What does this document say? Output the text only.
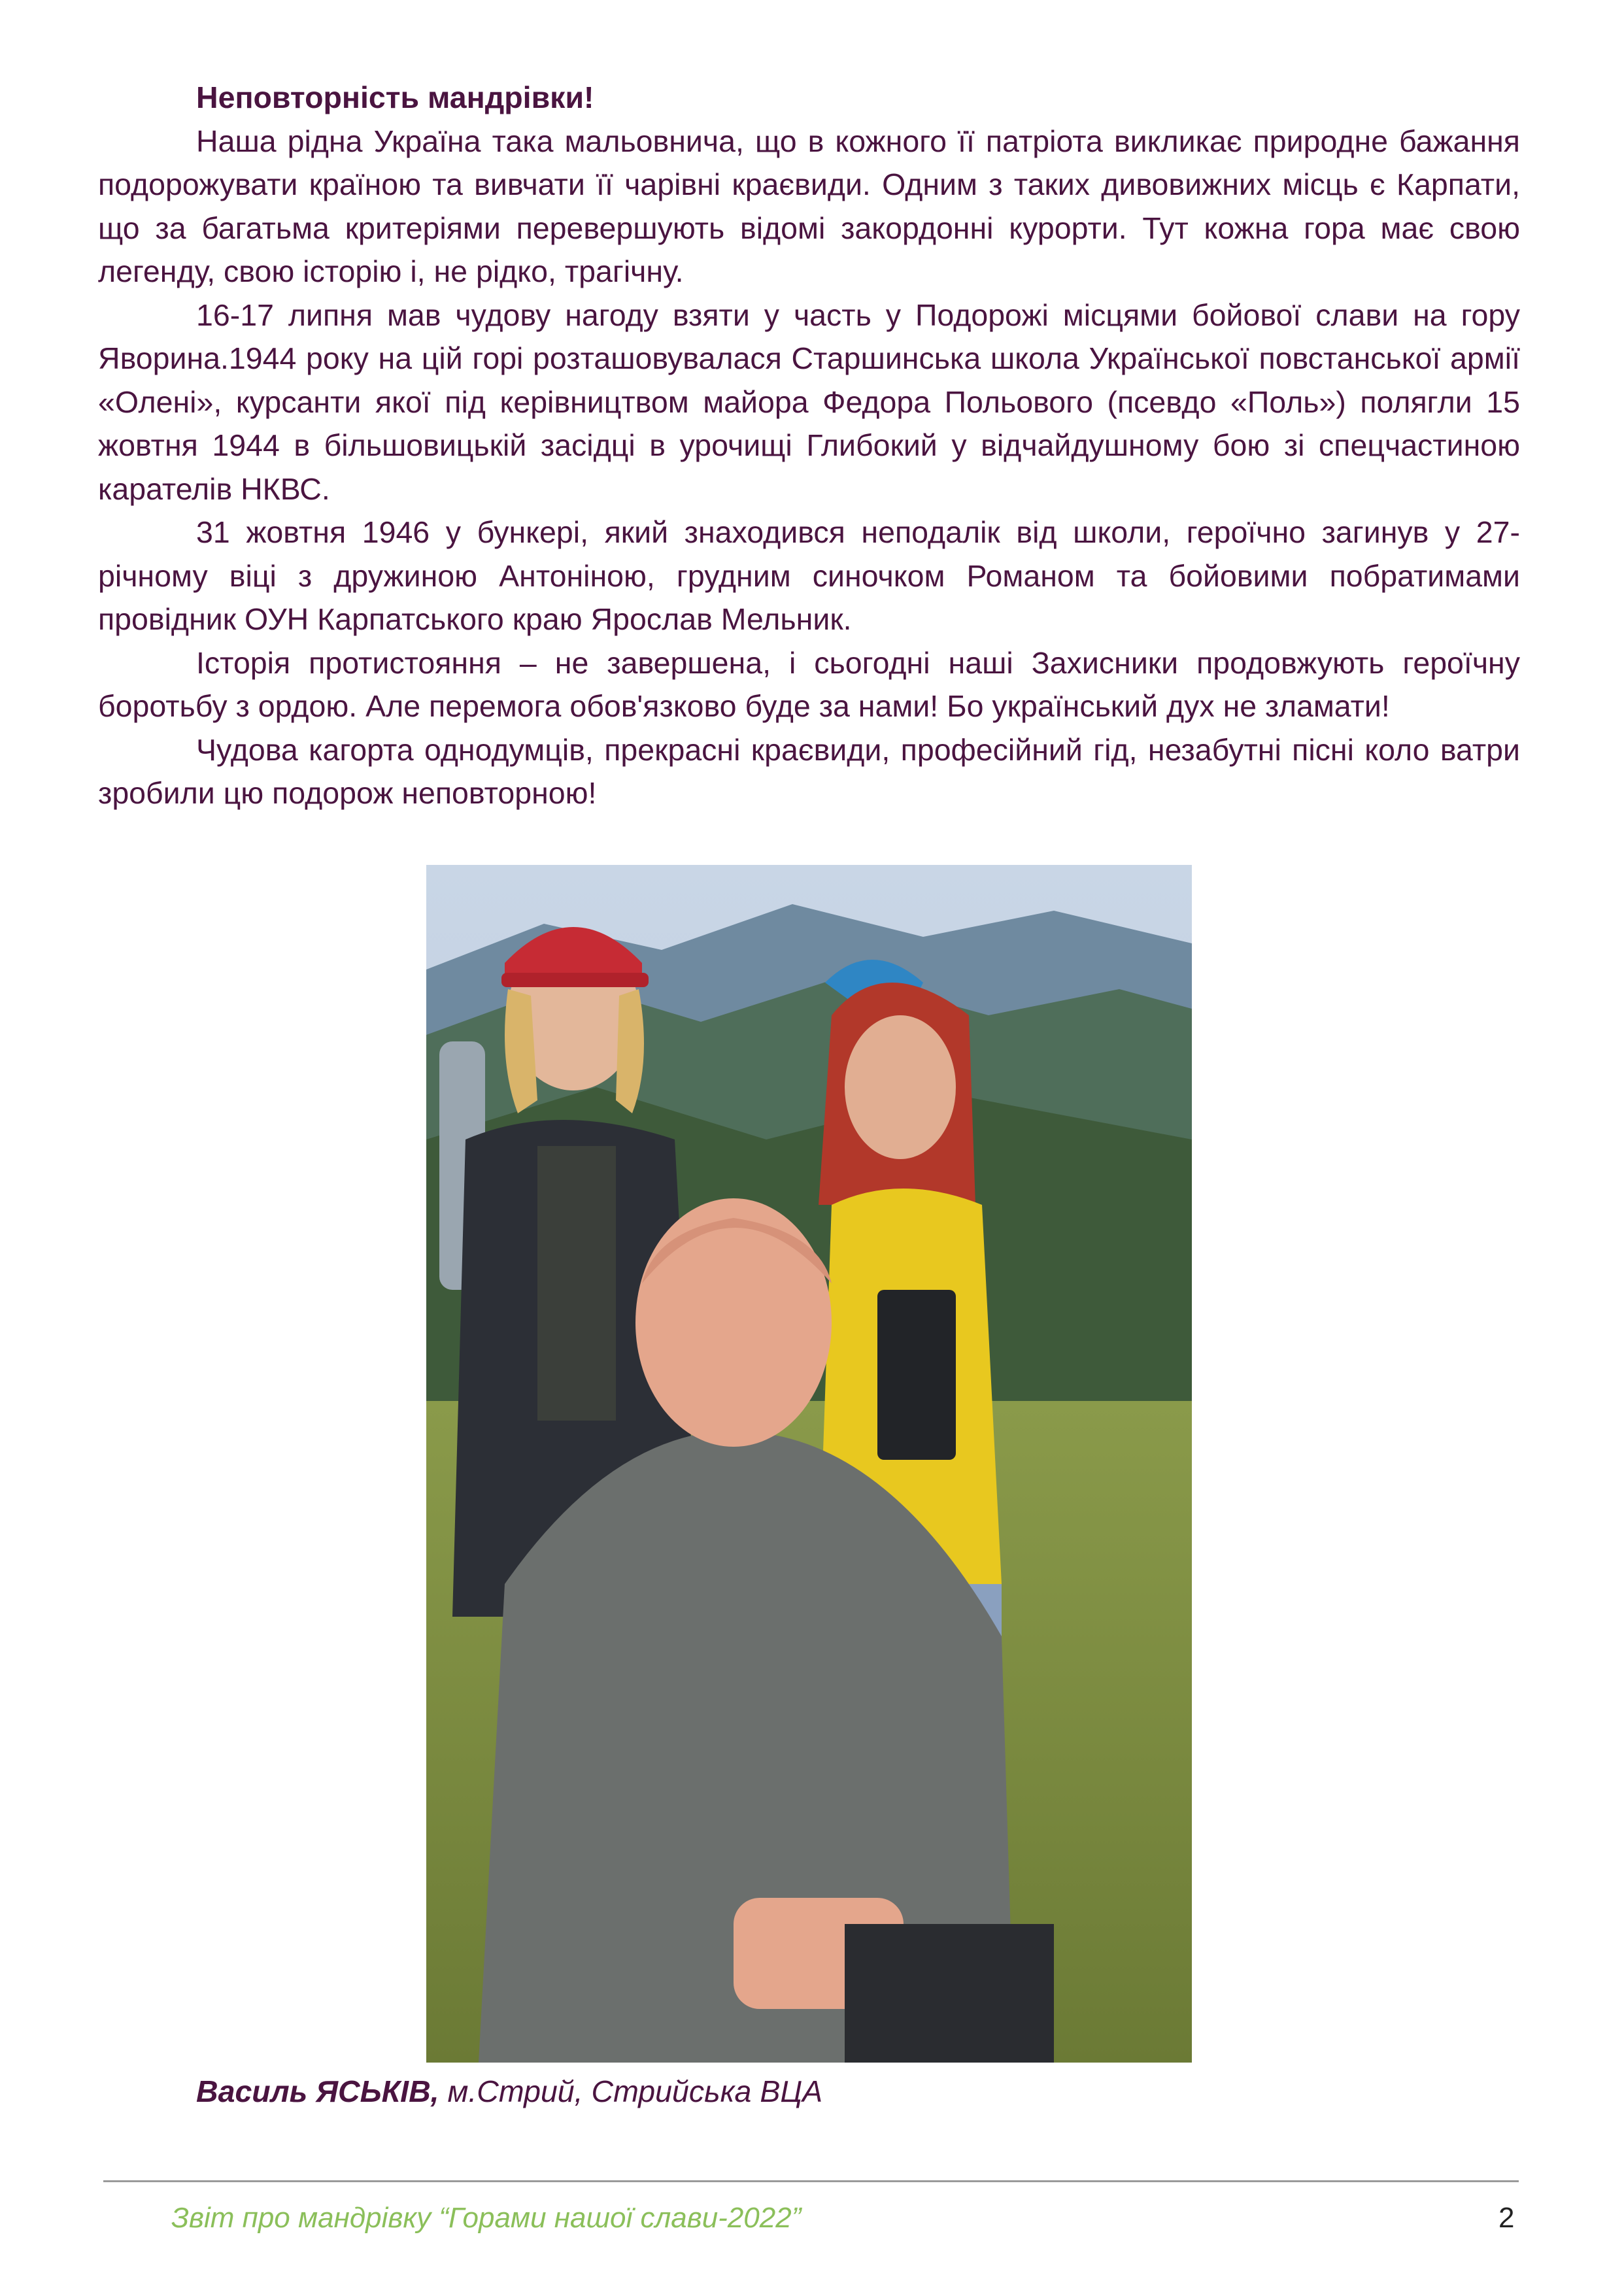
Неповторність мандрівки!

Наша рідна Україна така мальовнича, що в кожного її патріота викликає природне бажання подорожувати країною та вивчати її чарівні краєвиди. Одним з таких дивовижних місць є Карпати, що за багатьма критеріями перевершують відомі закордонні курорти. Тут кожна гора має свою легенду, свою історію і, не рідко, трагічну.

16-17 липня мав чудову нагоду взяти у часть у Подорожі місцями бойової слави на гору Яворина.1944 року на цій горі розташовувалася Старшинська школа Української повстанської армії «Олені», курсанти якої під керівництвом майора Федора Польового (псевдо «Поль») полягли 15 жовтня 1944 в більшовицькій засідці в урочищі Глибокий у відчайдушному бою зі спецчастиною карателів НКВС.

31 жовтня 1946 у бункері, який знаходився неподалік від школи, героїчно загинув у 27-річному віці з дружиною Антоніною, грудним синочком Романом та бойовими побратимами провідник ОУН Карпатського краю Ярослав Мельник.

Історія протистояння – не завершена, і сьогодні наші Захисники продовжують героїчну боротьбу з ордою. Але перемога обов'язково буде за нами! Бо український дух не зламати!

Чудова кагорта однодумців, прекрасні краєвиди, професійний гід, незабутні пісні коло ватри зробили цю подорож неповторною!

Василь ЯСЬКІВ, м.Стрий, Стрийська ВЦА
Звіт про мандрівку “Горами нашої слави-2022”	2
